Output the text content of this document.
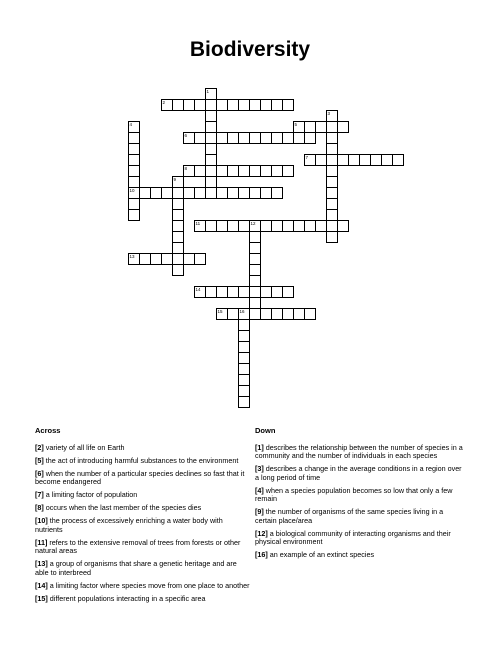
Biodiversity
1
2
3
4	5
6
7
8
9
10
11	12
13
14
15	16
Across
[2] variety of all life on Earth
[5] the act of introducing harmful substances to the environment
[6] when the number of a particular species declines so fast that it become endangered
[7] a limiting factor of population
[8] occurs when the last member of the species dies
[10] the process of excessively enriching a water body with nutrients
[11] refers to the extensive removal of trees from forests or other natural areas
[13] a group of organisms that share a genetic heritage and are able to interbreed
[14] a limiting factor where species move from one place to another
[15] different populations interacting in a specific area
Down
[1] describes the relationship between the number of species in a community and the number of individuals in each species
[3] describes a change in the average conditions in a region over a long period of time
[4] when a species population becomes so low that only a few remain
[9] the number of organisms of the same species living in a certain place/area
[12] a biological community of interacting organisms and their physical environment
[16] an example of an extinct species
